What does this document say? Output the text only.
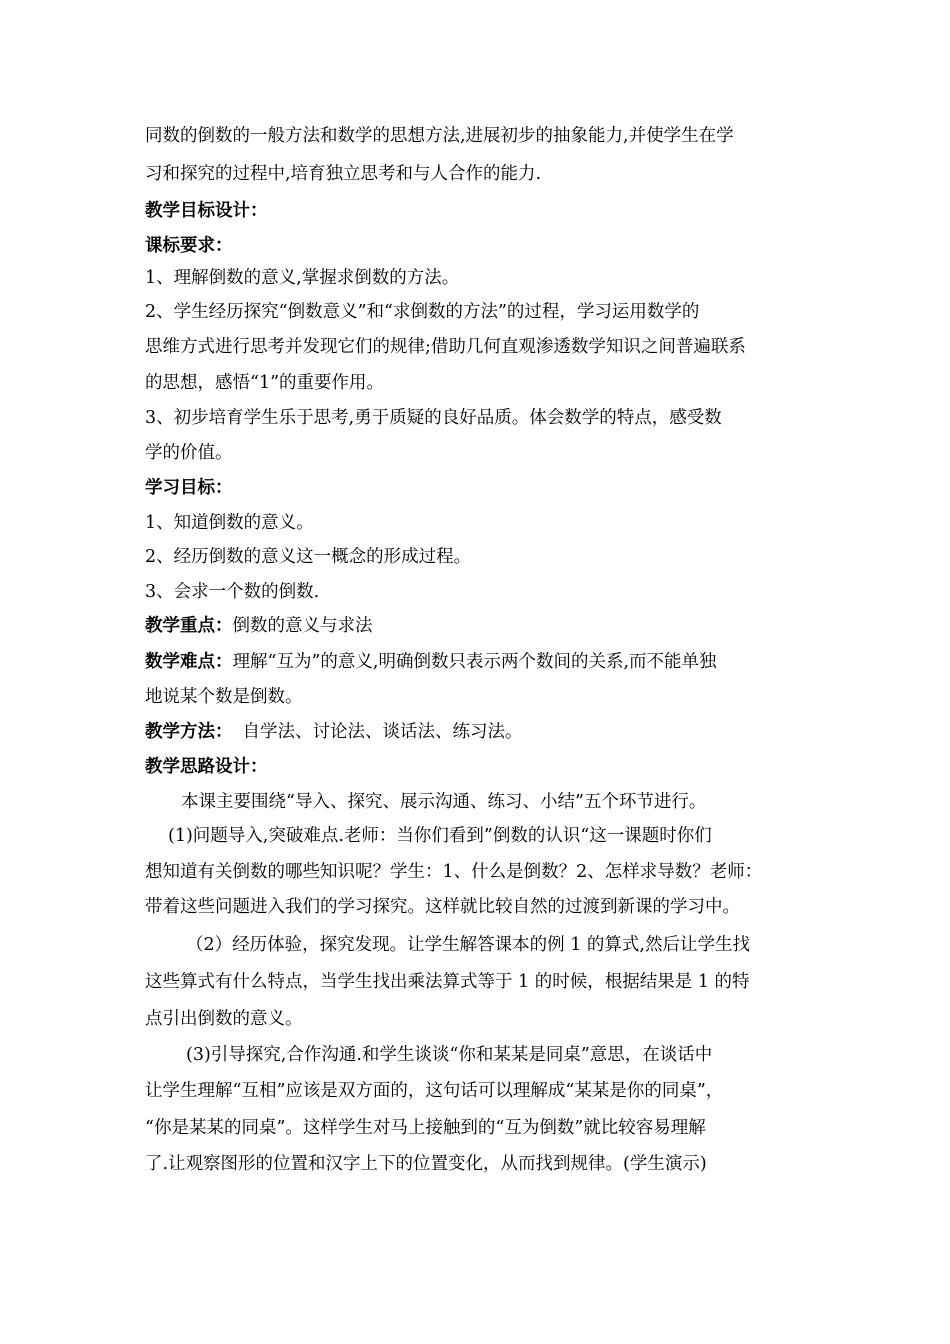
同数的倒数的一般方法和数学的思想方法,进展初步的抽象能力,并使学生在学
习和探究的过程中,培育独立思考和与人合作的能力.
教学目标设计：
课标要求：
1、理解倒数的意义,掌握求倒数的方法。
2、学生经历探究“倒数意义”和“求倒数的方法”的过程，学习运用数学的
思维方式进行思考并发现它们的规律;借助几何直观渗透数学知识之间普遍联系
的思想，感悟“1”的重要作用。
3、初步培育学生乐于思考,勇于质疑的良好品质。体会数学的特点，感受数
学的价值。
学习目标：
1、知道倒数的意义。
2、经历倒数的意义这一概念的形成过程。
3、会求一个数的倒数.
教学重点：倒数的意义与求法
数学难点：理解“互为”的意义,明确倒数只表示两个数间的关系,而不能单独
地说某个数是倒数。
教学方法： 自学法、讨论法、谈话法、练习法。
教学思路设计：
本课主要围绕“导入、探究、展示沟通、练习、小结”五个环节进行。
(1)问题导入,突破难点.老师：当你们看到”倒数的认识“这一课题时你们
想知道有关倒数的哪些知识呢？学生：1、什么是倒数？2、怎样求导数？老师：
带着这些问题进入我们的学习探究。这样就比较自然的过渡到新课的学习中。
（2）经历体验，探究发现。让学生解答课本的例 1 的算式,然后让学生找
这些算式有什么特点，当学生找出乘法算式等于 1 的时候，根据结果是 1 的特
点引出倒数的意义。
(3)引导探究,合作沟通.和学生谈谈“你和某某是同桌”意思，在谈话中
让学生理解“互相”应该是双方面的，这句话可以理解成“某某是你的同桌”，
“你是某某的同桌”。这样学生对马上接触到的“互为倒数”就比较容易理解
了.让观察图形的位置和汉字上下的位置变化，从而找到规律。(学生演示)
